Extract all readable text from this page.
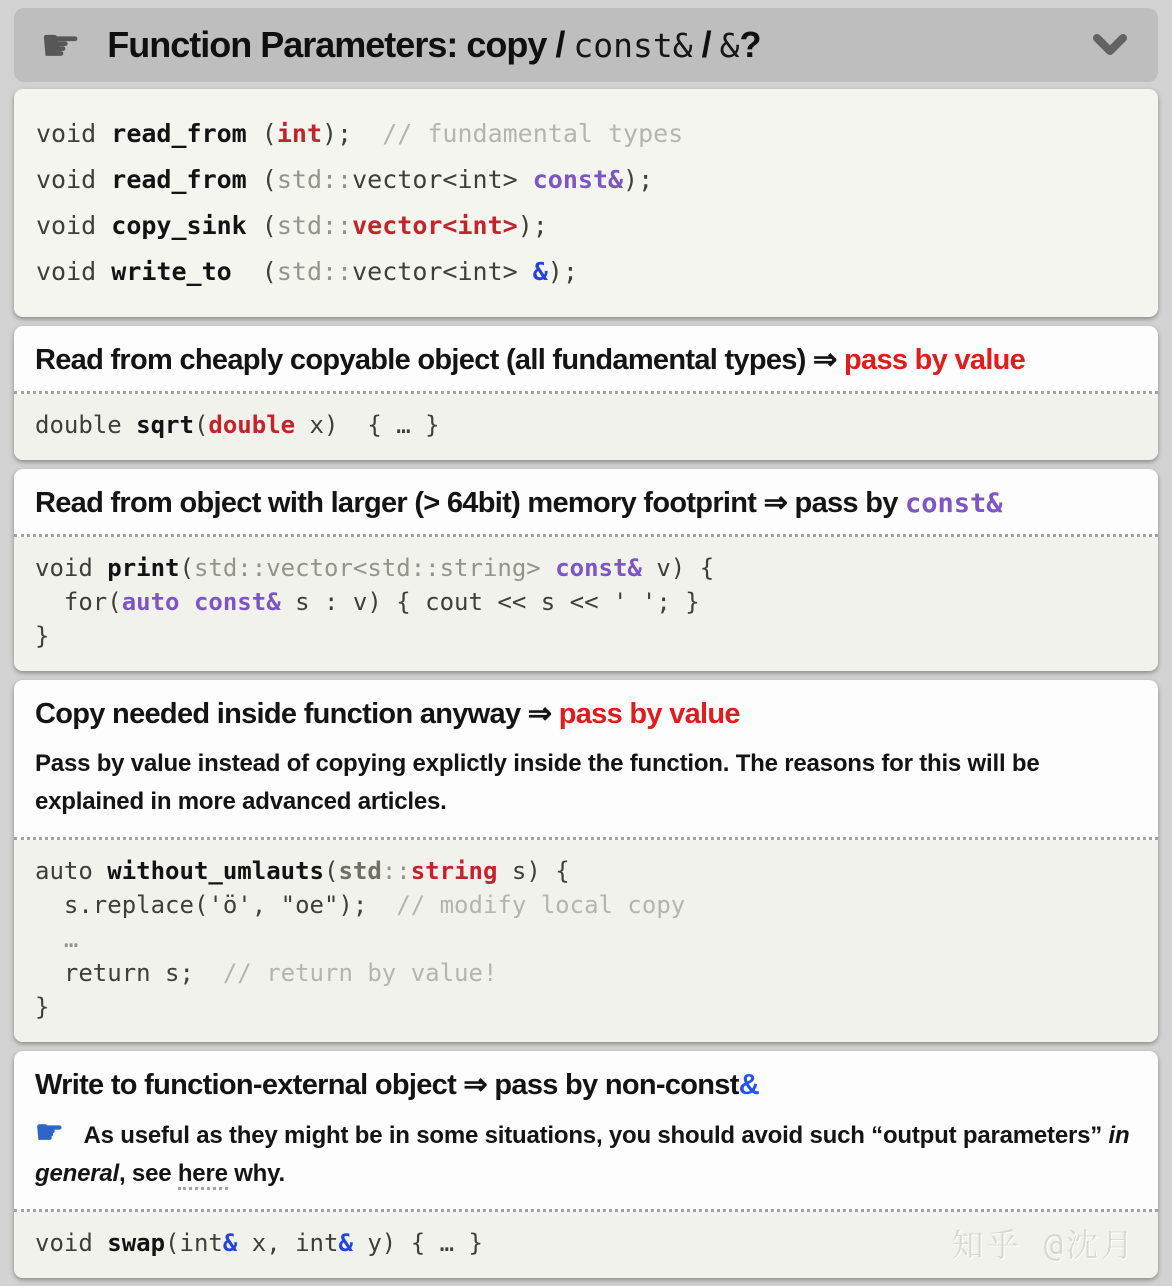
☛ Function Parameters: copy / const& / &?
void read_from (int);  // fundamental types
void read_from (std::vector<int> const&);
void copy_sink (std::vector<int>);
void write_to  (std::vector<int> &);
Read from cheaply copyable object (all fundamental types) ⇒ pass by value
double sqrt(double x)  { … }
Read from object with larger (> 64bit) memory footprint ⇒ pass by const&
void print(std::vector<std::string> const& v) {
for(auto const& s : v) { cout << s << ' '; }
}
Copy needed inside function anyway ⇒ pass by value

Pass by value instead of copying explictly inside the function. The reasons for this will be explained in more advanced articles.

auto without_umlauts(std::string s) {
s.replace('ö', "oe");  // modify local copy
…
return s;  // return by value!
}
Write to function-external object ⇒ pass by non-const&

☛ As useful as they might be in some situations, you should avoid such “output parameters” in general, see here why.

void swap(int& x, int& y) { … }	知乎 @沈月
